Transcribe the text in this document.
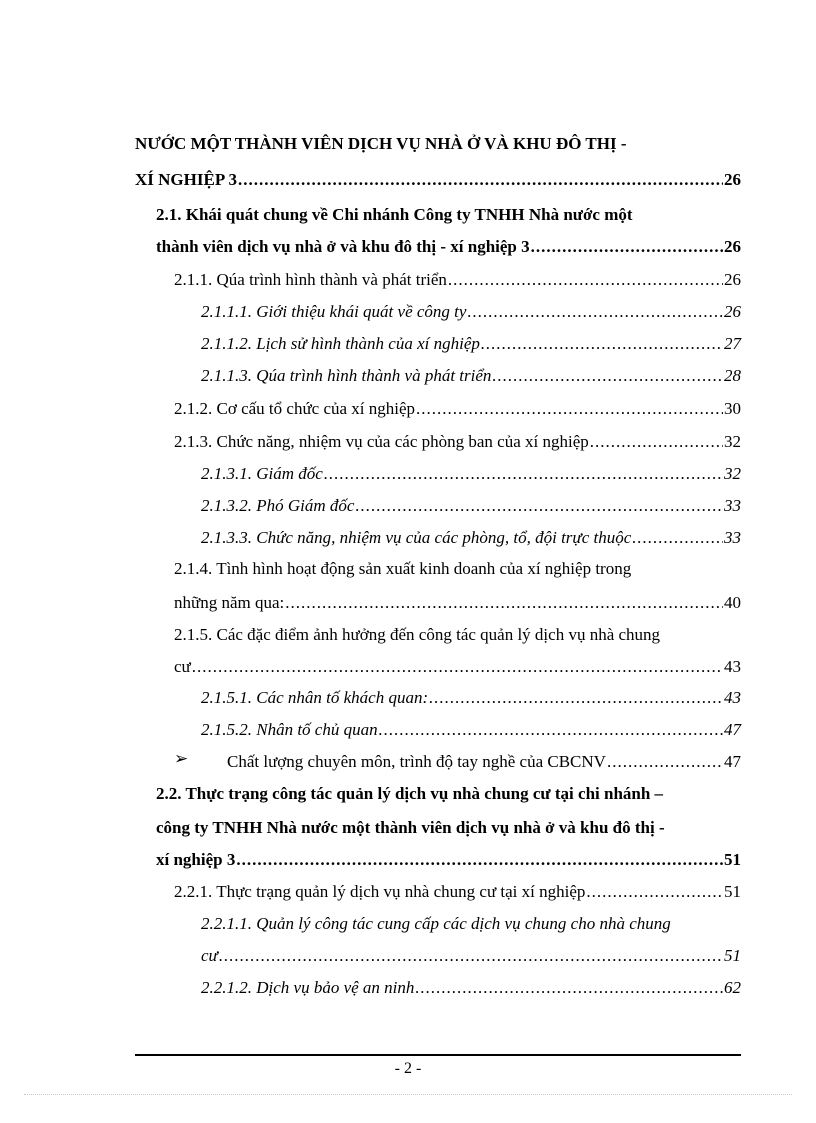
NƯỚC MỘT THÀNH VIÊN DỊCH VỤ NHÀ Ở VÀ KHU ĐÔ THỊ -
XÍ NGHIỆP 3 .....	26
2.1. Khái quát chung về Chi nhánh Công ty TNHH Nhà nước một
thành viên dịch vụ nhà ở và khu đô thị - xí nghiệp 3 .....	26
2.1.1. Qúa trình hình thành và phát triển .....	26
2.1.1.1. Giới thiệu khái quát về công ty .....	26
2.1.1.2. Lịch sử hình thành của xí nghiệp .....	27
2.1.1.3. Qúa trình hình thành và phát triển .....	28
2.1.2. Cơ cấu tổ chức của xí nghiệp .....	30
2.1.3. Chức năng, nhiệm vụ của các phòng ban của xí nghiệp .....	32
2.1.3.1. Giám đốc .....	32
2.1.3.2. Phó Giám đốc .....	33
2.1.3.3. Chức năng, nhiệm vụ của các phòng, tổ, đội trực thuộc .....	33
2.1.4. Tình hình hoạt động sản xuất kinh doanh của xí nghiệp trong
những năm qua: .....	40
2.1.5. Các đặc điểm ảnh hưởng đến công tác quản lý dịch vụ nhà chung
cư .....	43
2.1.5.1. Các nhân tố khách quan: .....	43
2.1.5.2. Nhân tố chủ quan .....	47
➢ Chất lượng chuyên môn, trình độ tay nghề của CBCNV .....	47
2.2. Thực trạng công tác quản lý dịch vụ nhà chung cư tại chi nhánh –
công ty TNHH Nhà nước một thành viên dịch vụ nhà ở và khu đô thị -
xí nghiệp 3 .....	51
2.2.1. Thực trạng quản lý dịch vụ nhà chung cư tại xí nghiệp .....	51
2.2.1.1. Quản lý công tác cung cấp các dịch vụ chung cho nhà chung
cư .....	51
2.2.1.2. Dịch vụ bảo vệ an ninh .....	62
- 2 -
